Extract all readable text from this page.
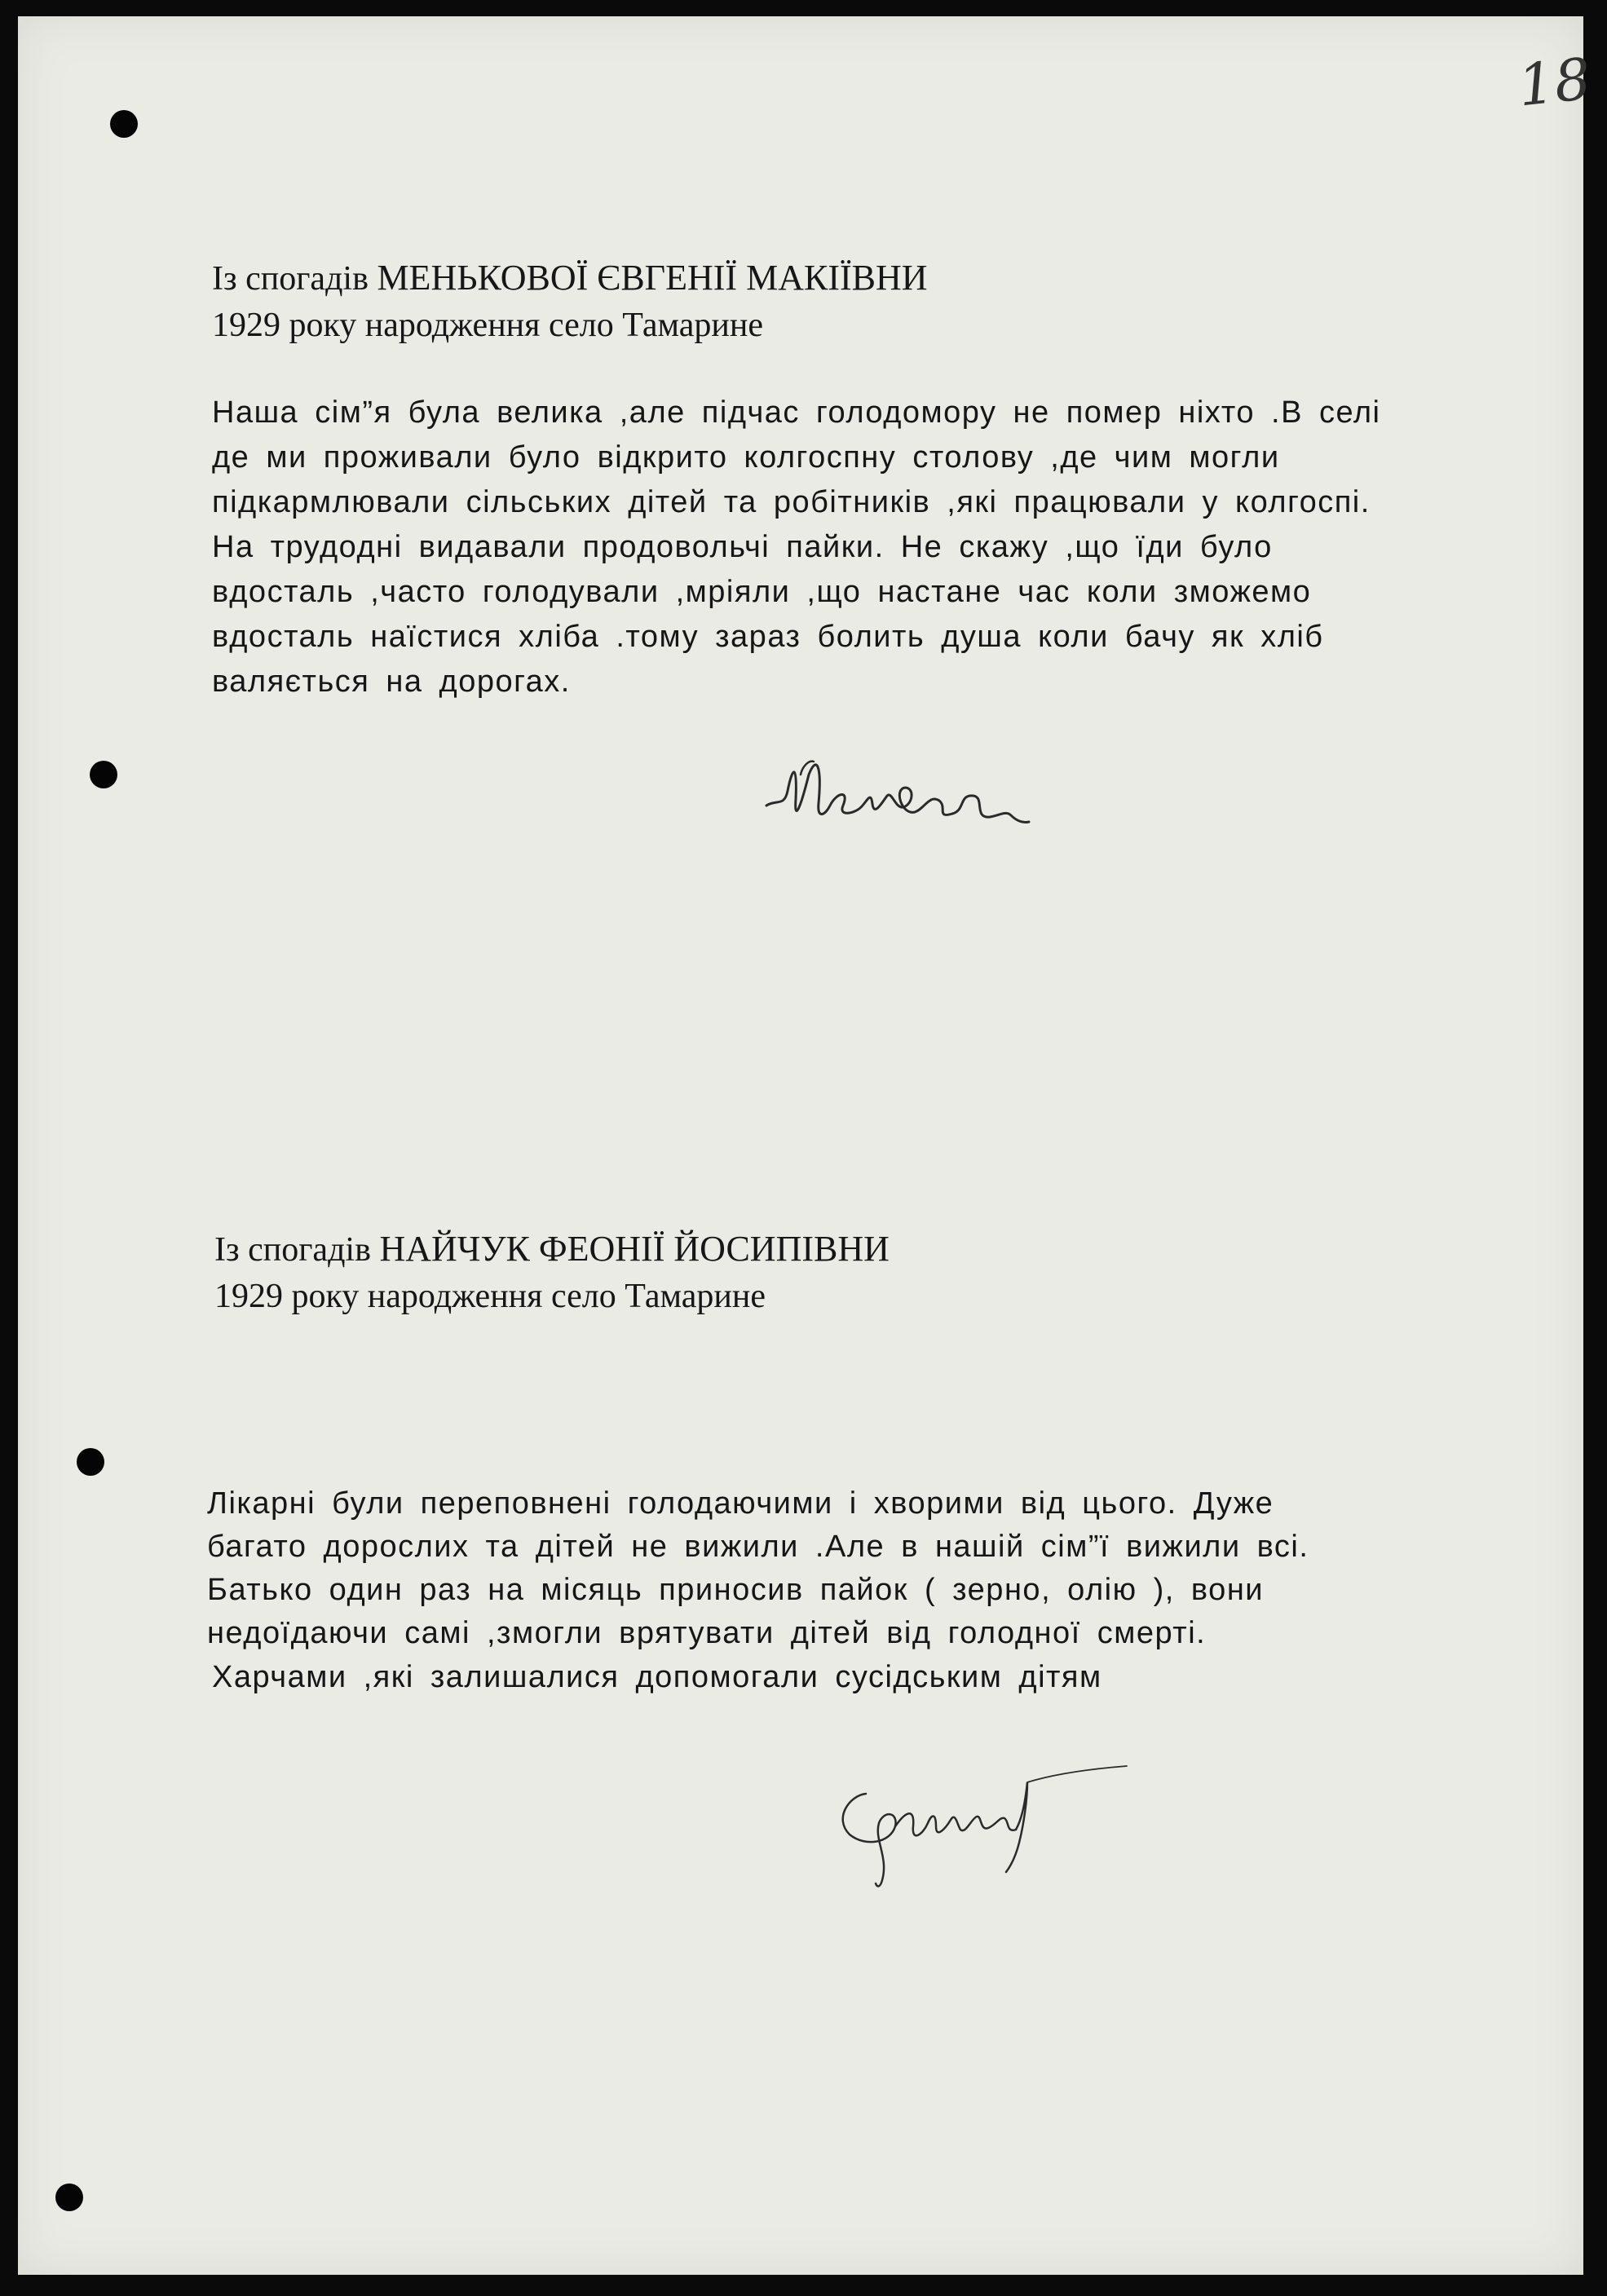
18
Із спогадів МЕНЬКОВОЇ ЄВГЕНІЇ МАКІЇВНИ
1929 року народження село Тамарине
Наша сім”я була велика ,але підчас голодомору не помер ніхто .В селі
де ми проживали було відкрито колгоспну столову ,де чим могли
підкармлювали сільських дітей та робітників ,які працювали у колгоспі.
На трудодні видавали продовольчі пайки. Не скажу ,що їди було
вдосталь ,часто голодували ,мріяли ,що настане час коли зможемо
вдосталь наїстися хліба .тому зараз болить душа коли бачу як хліб
валяється на дорогах.
Із спогадів НАЙЧУК ФЕОНІЇ ЙОСИПІВНИ
1929 року народження село Тамарине
Лікарні були переповнені голодаючими і хворими від цього. Дуже
багато дорослих та дітей не вижили .Але в нашій сім”ї вижили всі.
Батько один раз на місяць приносив пайок ( зерно, олію ), вони
недоїдаючи самі ,змогли врятувати дітей від голодної смерті.
Харчами ,які залишалися допомогали сусідським дітям
